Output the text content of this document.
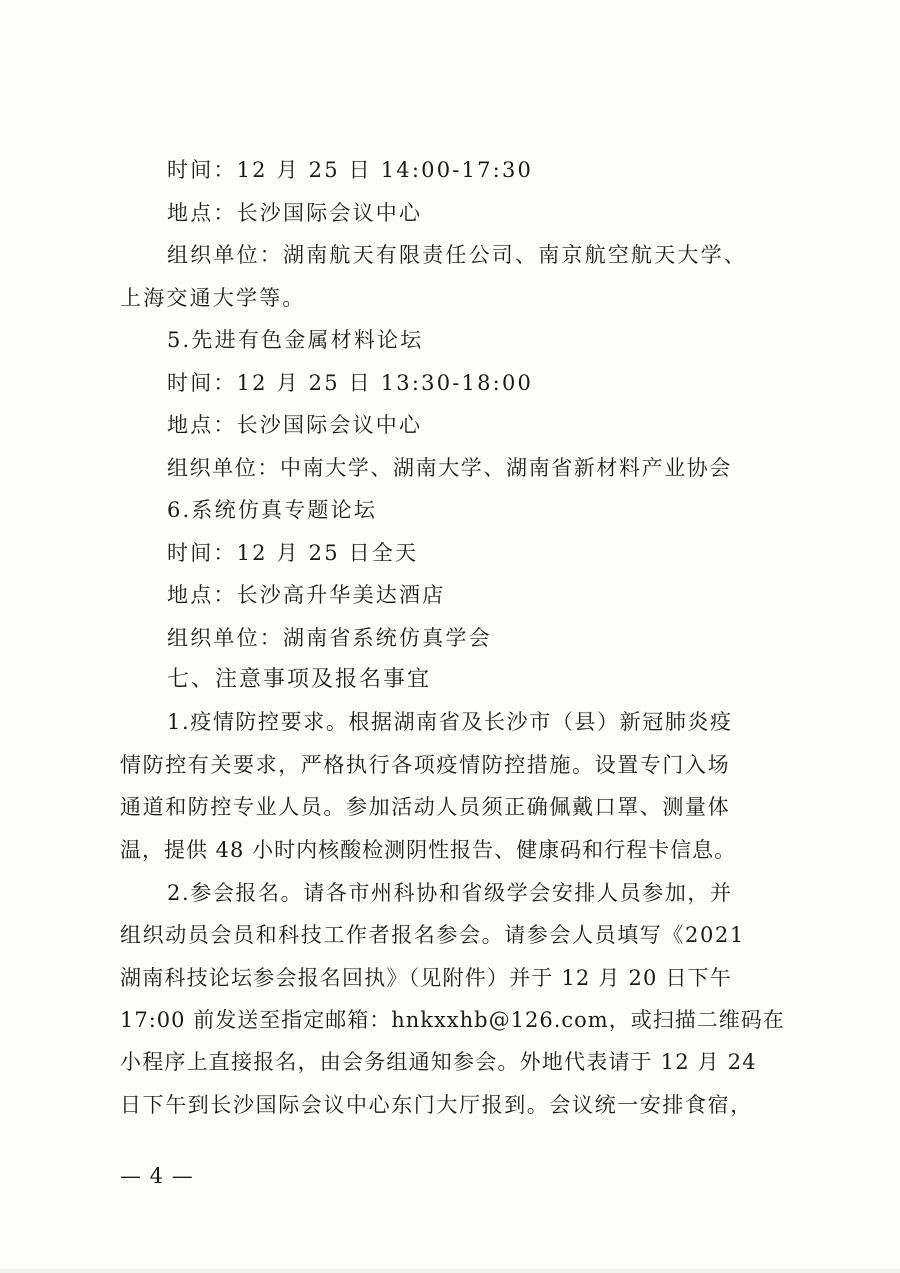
时间：12 月 25 日 14:00-17:30
地点：长沙国际会议中心
组织单位：湖南航天有限责任公司、南京航空航天大学、
上海交通大学等。
5.先进有色金属材料论坛
时间：12 月 25 日 13:30-18:00
地点：长沙国际会议中心
组织单位：中南大学、湖南大学、湖南省新材料产业协会
6.系统仿真专题论坛
时间：12 月 25 日全天
地点：长沙高升华美达酒店
组织单位：湖南省系统仿真学会
七、注意事项及报名事宜
1.疫情防控要求。根据湖南省及长沙市（县）新冠肺炎疫
情防控有关要求，严格执行各项疫情防控措施。设置专门入场
通道和防控专业人员。参加活动人员须正确佩戴口罩、测量体
温，提供 48 小时内核酸检测阴性报告、健康码和行程卡信息。
2.参会报名。请各市州科协和省级学会安排人员参加，并
组织动员会员和科技工作者报名参会。请参会人员填写《2021
湖南科技论坛参会报名回执》（见附件）并于 12 月 20 日下午
17:00 前发送至指定邮箱：hnkxxhb@126.com，或扫描二维码在
小程序上直接报名，由会务组通知参会。外地代表请于 12 月 24
日下午到长沙国际会议中心东门大厅报到。会议统一安排食宿，
— 4 —
